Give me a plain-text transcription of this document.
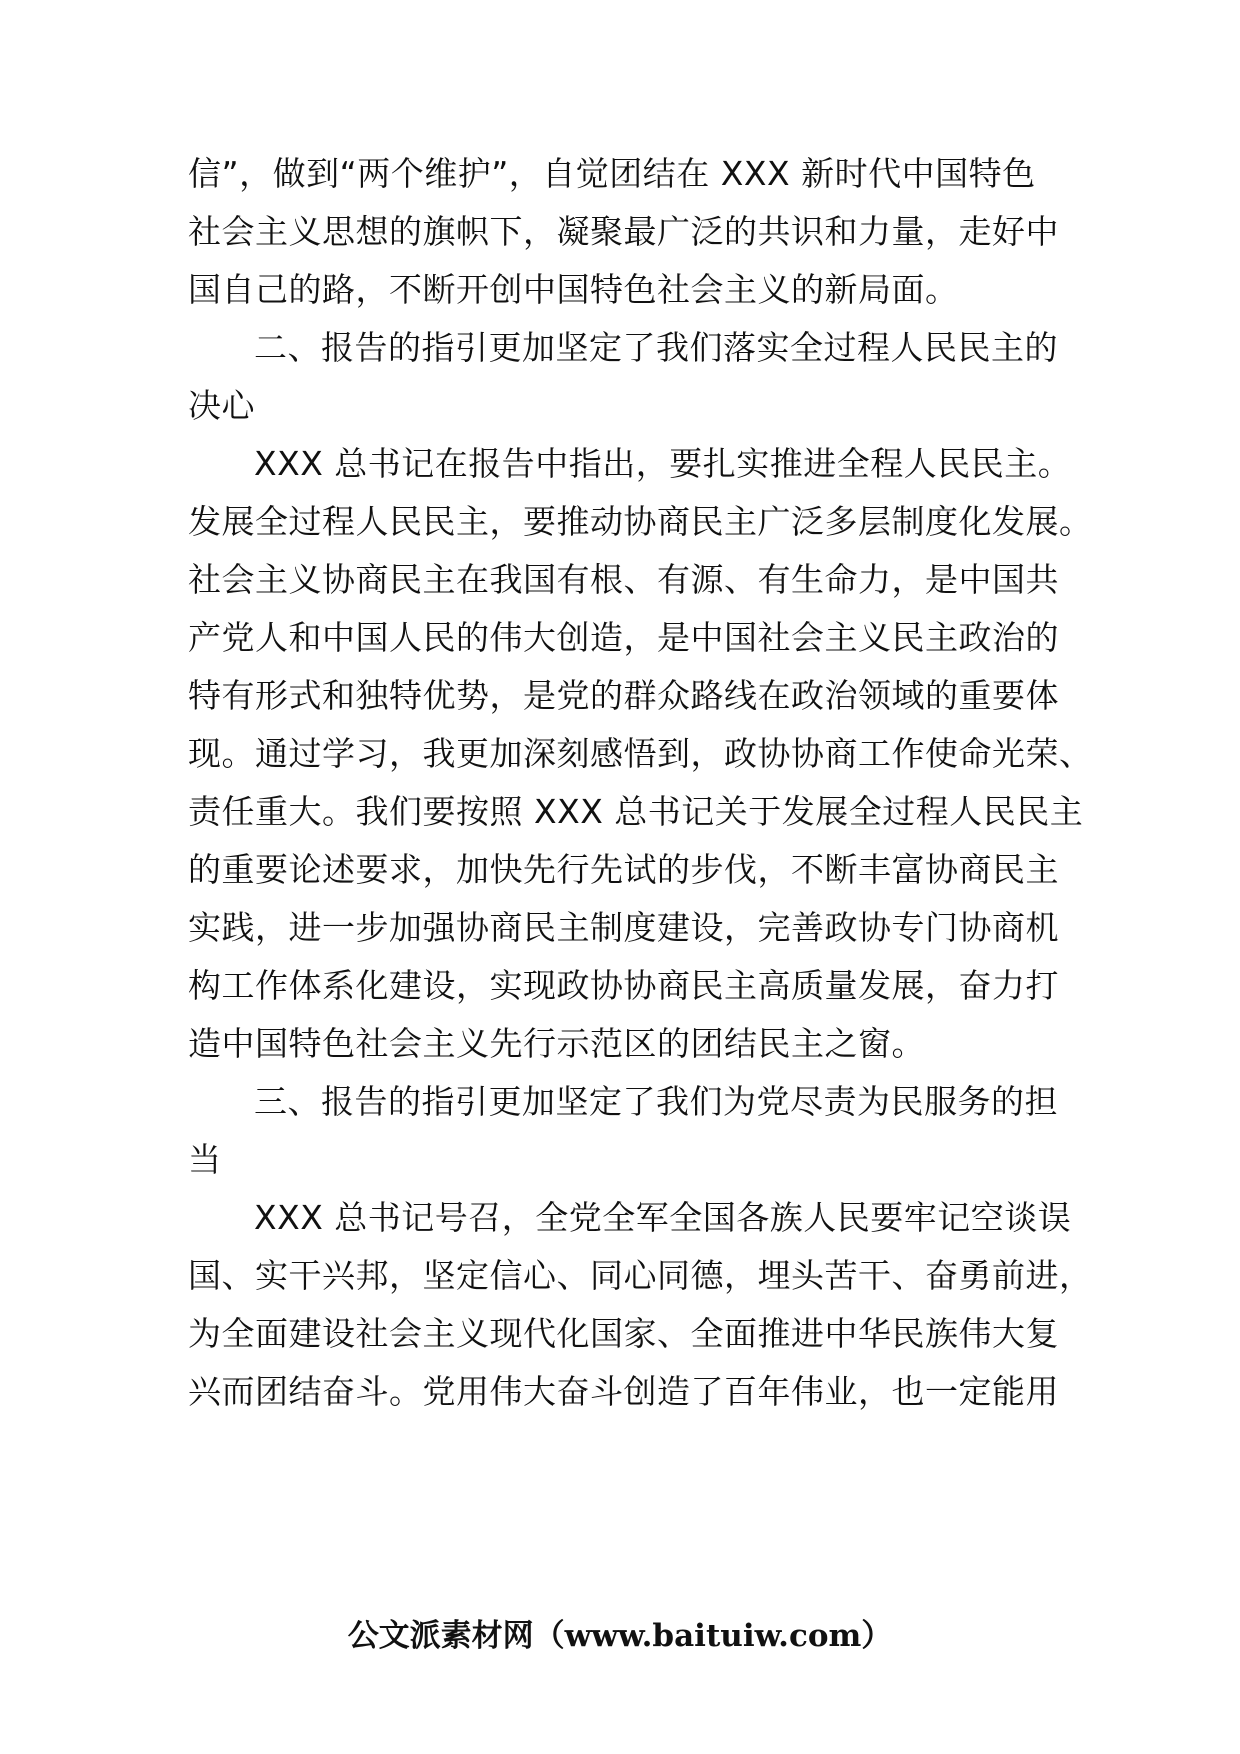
信”，做到“两个维护”，自觉团结在 XXX 新时代中国特色
社会主义思想的旗帜下，凝聚最广泛的共识和力量，走好中
国自己的路，不断开创中国特色社会主义的新局面。
二、报告的指引更加坚定了我们落实全过程人民民主的
决心
XXX 总书记在报告中指出，要扎实推进全程人民民主。
发展全过程人民民主，要推动协商民主广泛多层制度化发展。
社会主义协商民主在我国有根、有源、有生命力，是中国共
产党人和中国人民的伟大创造，是中国社会主义民主政治的
特有形式和独特优势，是党的群众路线在政治领域的重要体
现。通过学习，我更加深刻感悟到，政协协商工作使命光荣、
责任重大。我们要按照 XXX 总书记关于发展全过程人民民主
的重要论述要求，加快先行先试的步伐，不断丰富协商民主
实践，进一步加强协商民主制度建设，完善政协专门协商机
构工作体系化建设，实现政协协商民主高质量发展，奋力打
造中国特色社会主义先行示范区的团结民主之窗。
三、报告的指引更加坚定了我们为党尽责为民服务的担
当
XXX 总书记号召，全党全军全国各族人民要牢记空谈误
国、实干兴邦，坚定信心、同心同德，埋头苦干、奋勇前进，
为全面建设社会主义现代化国家、全面推进中华民族伟大复
兴而团结奋斗。党用伟大奋斗创造了百年伟业，也一定能用
公文派素材网（www.baituiw.com）
